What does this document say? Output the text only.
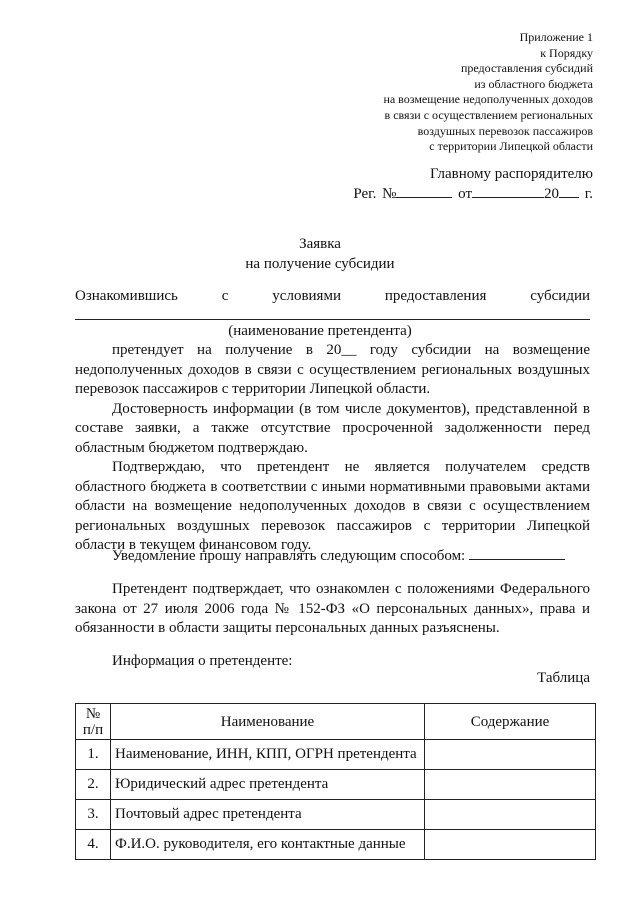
Приложение 1
к Порядку
предоставления субсидий
из областного бюджета
на возмещение недополученных доходов
в связи с осуществлением региональных
воздушных перевозок пассажиров
с территории Липецкой области
Главному распорядителю
Рег. №	от	20 г.
Заявка
на получение субсидии
Ознакомившись	с	условиями	предоставления	субсидии
(наименование претендента)

претендует на получение в 20__ году субсидии на возмещение недополученных доходов в связи с осуществлением региональных воздушных перевозок пассажиров с территории Липецкой области.

Достоверность информации (в том числе документов), представленной в составе заявки, а также отсутствие просроченной задолженности перед областным бюджетом подтверждаю.

Подтверждаю, что претендент не является получателем средств областного бюджета в соответствии с иными нормативными правовыми актами области на возмещение недополученных доходов в связи с осуществлением региональных воздушных перевозок пассажиров с территории Липецкой области в текущем финансовом году.

Уведомление прошу направлять следующим способом:

Претендент подтверждает, что ознакомлен с положениями Федерального закона от 27 июля 2006 года № 152-ФЗ «О персональных данных», права и обязанности в области защиты персональных данных разъяснены.

Информация о претенденте:
Таблица
№
п/п	Наименование	Содержание
1.	Наименование, ИНН, КПП, ОГРН претендента	
2.	Юридический адрес претендента	
3.	Почтовый адрес претендента	
4.	Ф.И.О. руководителя, его контактные данные	
